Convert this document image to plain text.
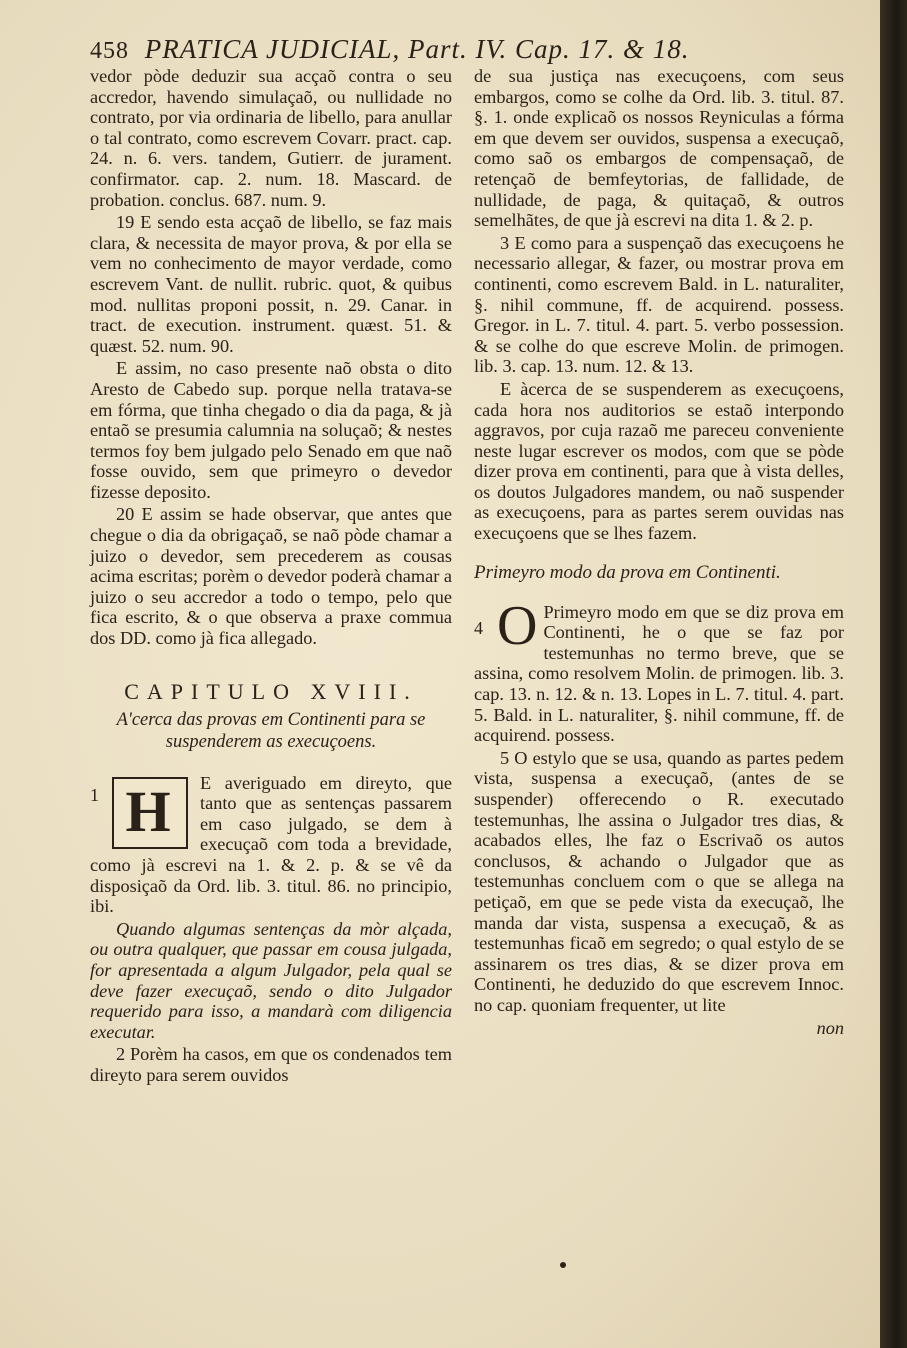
458 PRATICA JUDICIAL, Part. IV. Cap. 17. & 18.

vedor pòde deduzir sua acçaõ contra o seu accredor, havendo simulaçaõ, ou nullidade no contrato, por via ordinaria de libello, para anullar o tal contrato, como escrevem Covarr. pract. cap. 24. n. 6. vers. tandem, Gutierr. de jurament. confirmator. cap. 2. num. 18. Mascard. de probation. conclus. 687. num. 9.

19 E sendo esta acçaõ de libello, se faz mais clara, & necessita de mayor prova, & por ella se vem no conhecimento de mayor verdade, como escrevem Vant. de nullit. rubric. quot, & quibus mod. nullitas proponi possit, n. 29. Canar. in tract. de execution. instrument. quæst. 51. & quæst. 52. num. 90.

E assim, no caso presente naõ obsta o dito Aresto de Cabedo sup. porque nella tratava-se em fórma, que tinha chegado o dia da paga, & jà entaõ se presumia calumnia na soluçaõ; & nestes termos foy bem julgado pelo Senado em que naõ fosse ouvido, sem que primeyro o devedor fizesse deposito.

20 E assim se hade observar, que antes que chegue o dia da obrigaçaõ, se naõ pòde chamar a juizo o devedor, sem precederem as cousas acima escritas; porèm o devedor poderà chamar a juizo o seu accredor a todo o tempo, pelo que fica escrito, & o que observa a praxe commua dos DD. como jà fica allegado.

CAPITULO XVIII.
A'cerca das provas em Continenti para se suspenderem as execuçoens.
1 H	E averiguado em direyto, que tanto que as sentenças passarem em caso julgado, se dem à execuçaõ com toda a brevidade, como jà escrevi na 1. & 2. p. & se vê da disposiçaõ da Ord. lib. 3. titul. 86. no principio, ibi.

Quando algumas sentenças da mòr alçada, ou outra qualquer, que passar em cousa julgada, for apresentada a algum Julgador, pela qual se deve fazer execuçaõ, sendo o dito Julgador requerido para isso, a mandarà com diligencia executar.

2 Porèm ha casos, em que os condenados tem direyto para serem ouvidos

de sua justiça nas execuçoens, com seus embargos, como se colhe da Ord. lib. 3. titul. 87. §. 1. onde explicaõ os nossos Reyniculas a fórma em que devem ser ouvidos, suspensa a execuçaõ, como saõ os embargos de compensaçaõ, de retençaõ de bemfeytorias, de fallidade, de nullidade, de paga, & quitaçaõ, & outros semelhãtes, de que jà escrevi na dita 1. & 2. p.

3 E como para a suspençaõ das execuçoens he necessario allegar, & fazer, ou mostrar prova em continenti, como escrevem Bald. in L. naturaliter, §. nihil commune, ff. de acquirend. possess. Gregor. in L. 7. titul. 4. part. 5. verbo possession. & se colhe do que escreve Molin. de primogen. lib. 3. cap. 13. num. 12. & 13.

E àcerca de se suspenderem as execuçoens, cada hora nos auditorios se estaõ interpondo aggravos, por cuja razaõ me pareceu conveniente neste lugar escrever os modos, com que se pòde dizer prova em continenti, para que à vista delles, os doutos Julgadores mandem, ou naõ suspender as execuçoens, para as partes serem ouvidas nas execuçoens que se lhes fazem.

Primeyro modo da prova em Continenti.
4 O Primeyro modo em que se diz prova em Continenti, he o que se faz por testemunhas no termo breve, que se assina, como resolvem Molin. de primogen. lib. 3. cap. 13. n. 12. & n. 13. Lopes in L. 7. titul. 4. part. 5. Bald. in L. naturaliter, §. nihil commune, ff. de acquirend. possess.

5 O estylo que se usa, quando as partes pedem vista, suspensa a execuçaõ, (antes de se suspender) offerecendo o R. executado testemunhas, lhe assina o Julgador tres dias, & acabados elles, lhe faz o Escrivaõ os autos conclusos, & achando o Julgador que as testemunhas concluem com o que se allega na petiçaõ, em que se pede vista da execuçaõ, lhe manda dar vista, suspensa a execuçaõ, & as testemunhas ficaõ em segredo; o qual estylo de se assinarem os tres dias, & se dizer prova em Continenti, he deduzido do que escrevem Innoc. no cap. quoniam frequenter, ut lite

non
